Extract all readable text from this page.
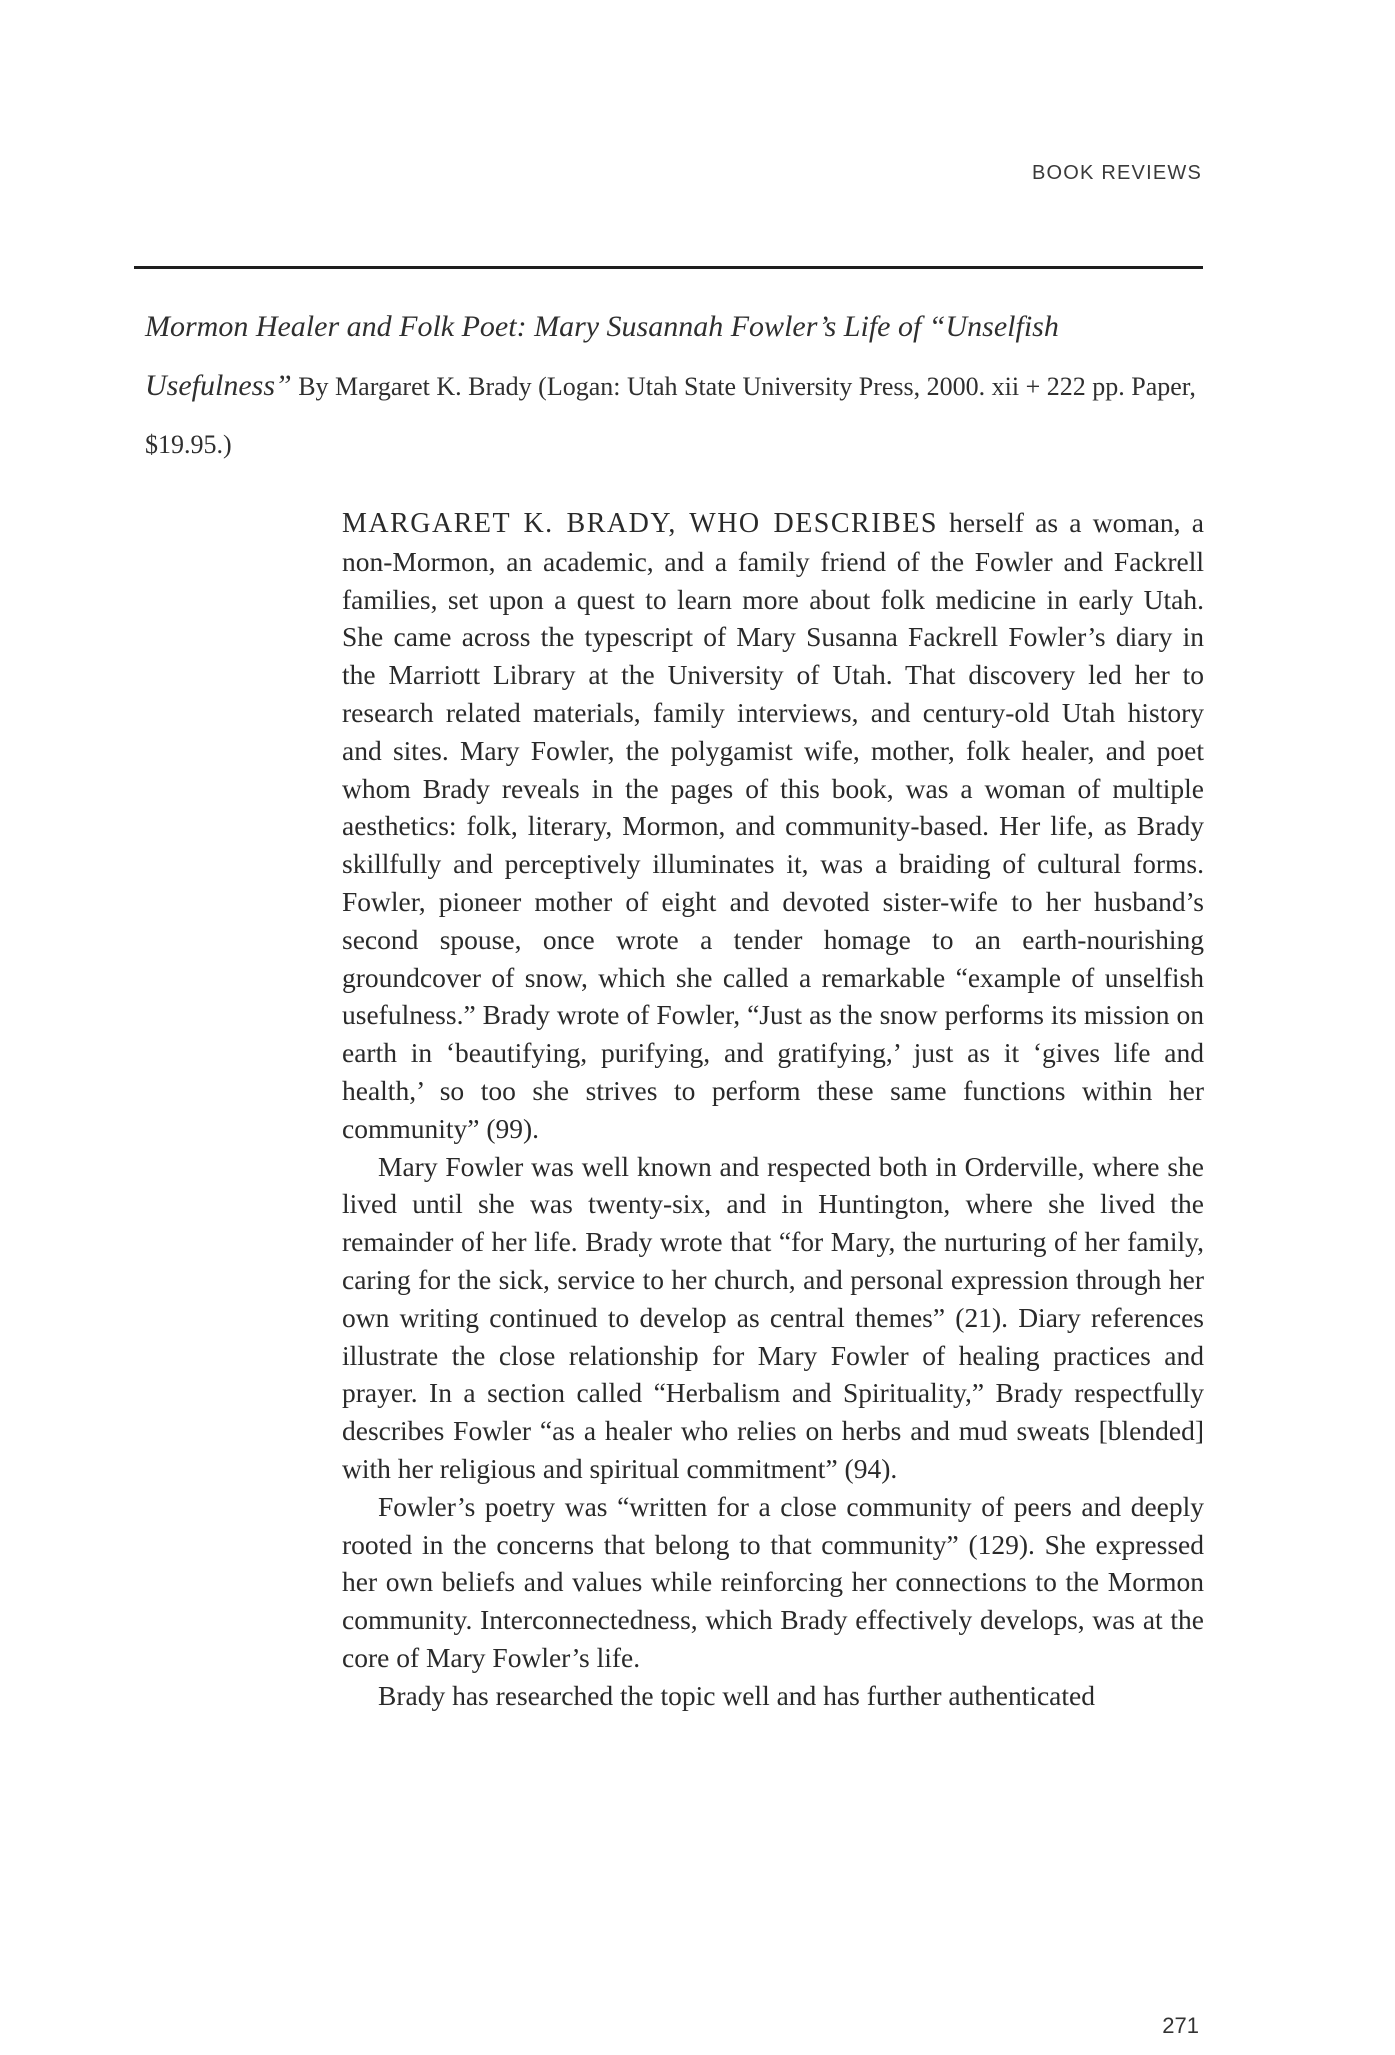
BOOK REVIEWS
Mormon Healer and Folk Poet: Mary Susannah Fowler’s Life of “Unselfish Usefulness” By Margaret K. Brady (Logan: Utah State University Press, 2000. xii + 222 pp. Paper, $19.95.)

MARGARET K. BRADY, WHO DESCRIBES herself as a woman, a non-Mormon, an academic, and a family friend of the Fowler and Fackrell families, set upon a quest to learn more about folk medicine in early Utah. She came across the typescript of Mary Susanna Fackrell Fowler’s diary in the Marriott Library at the University of Utah. That discovery led her to research related materials, family interviews, and century-old Utah history and sites. Mary Fowler, the polygamist wife, mother, folk healer, and poet whom Brady reveals in the pages of this book, was a woman of multiple aesthetics: folk, literary, Mormon, and community-based. Her life, as Brady skillfully and perceptively illuminates it, was a braiding of cultural forms. Fowler, pioneer mother of eight and devoted sister-wife to her husband’s second spouse, once wrote a tender homage to an earth-nourishing groundcover of snow, which she called a remarkable “example of unselfish usefulness.” Brady wrote of Fowler, “Just as the snow performs its mission on earth in ‘beautifying, purifying, and gratifying,’ just as it ‘gives life and health,’ so too she strives to perform these same functions within her community” (99).

Mary Fowler was well known and respected both in Orderville, where she lived until she was twenty-six, and in Huntington, where she lived the remainder of her life. Brady wrote that “for Mary, the nurturing of her family, caring for the sick, service to her church, and personal expression through her own writing continued to develop as central themes” (21). Diary references illustrate the close relationship for Mary Fowler of healing practices and prayer. In a section called “Herbalism and Spirituality,” Brady respectfully describes Fowler “as a healer who relies on herbs and mud sweats [blended] with her religious and spiritual commitment” (94).

Fowler’s poetry was “written for a close community of peers and deeply rooted in the concerns that belong to that community” (129). She expressed her own beliefs and values while reinforcing her connections to the Mormon community. Interconnectedness, which Brady effectively develops, was at the core of Mary Fowler’s life.

Brady has researched the topic well and has further authenticated

271
